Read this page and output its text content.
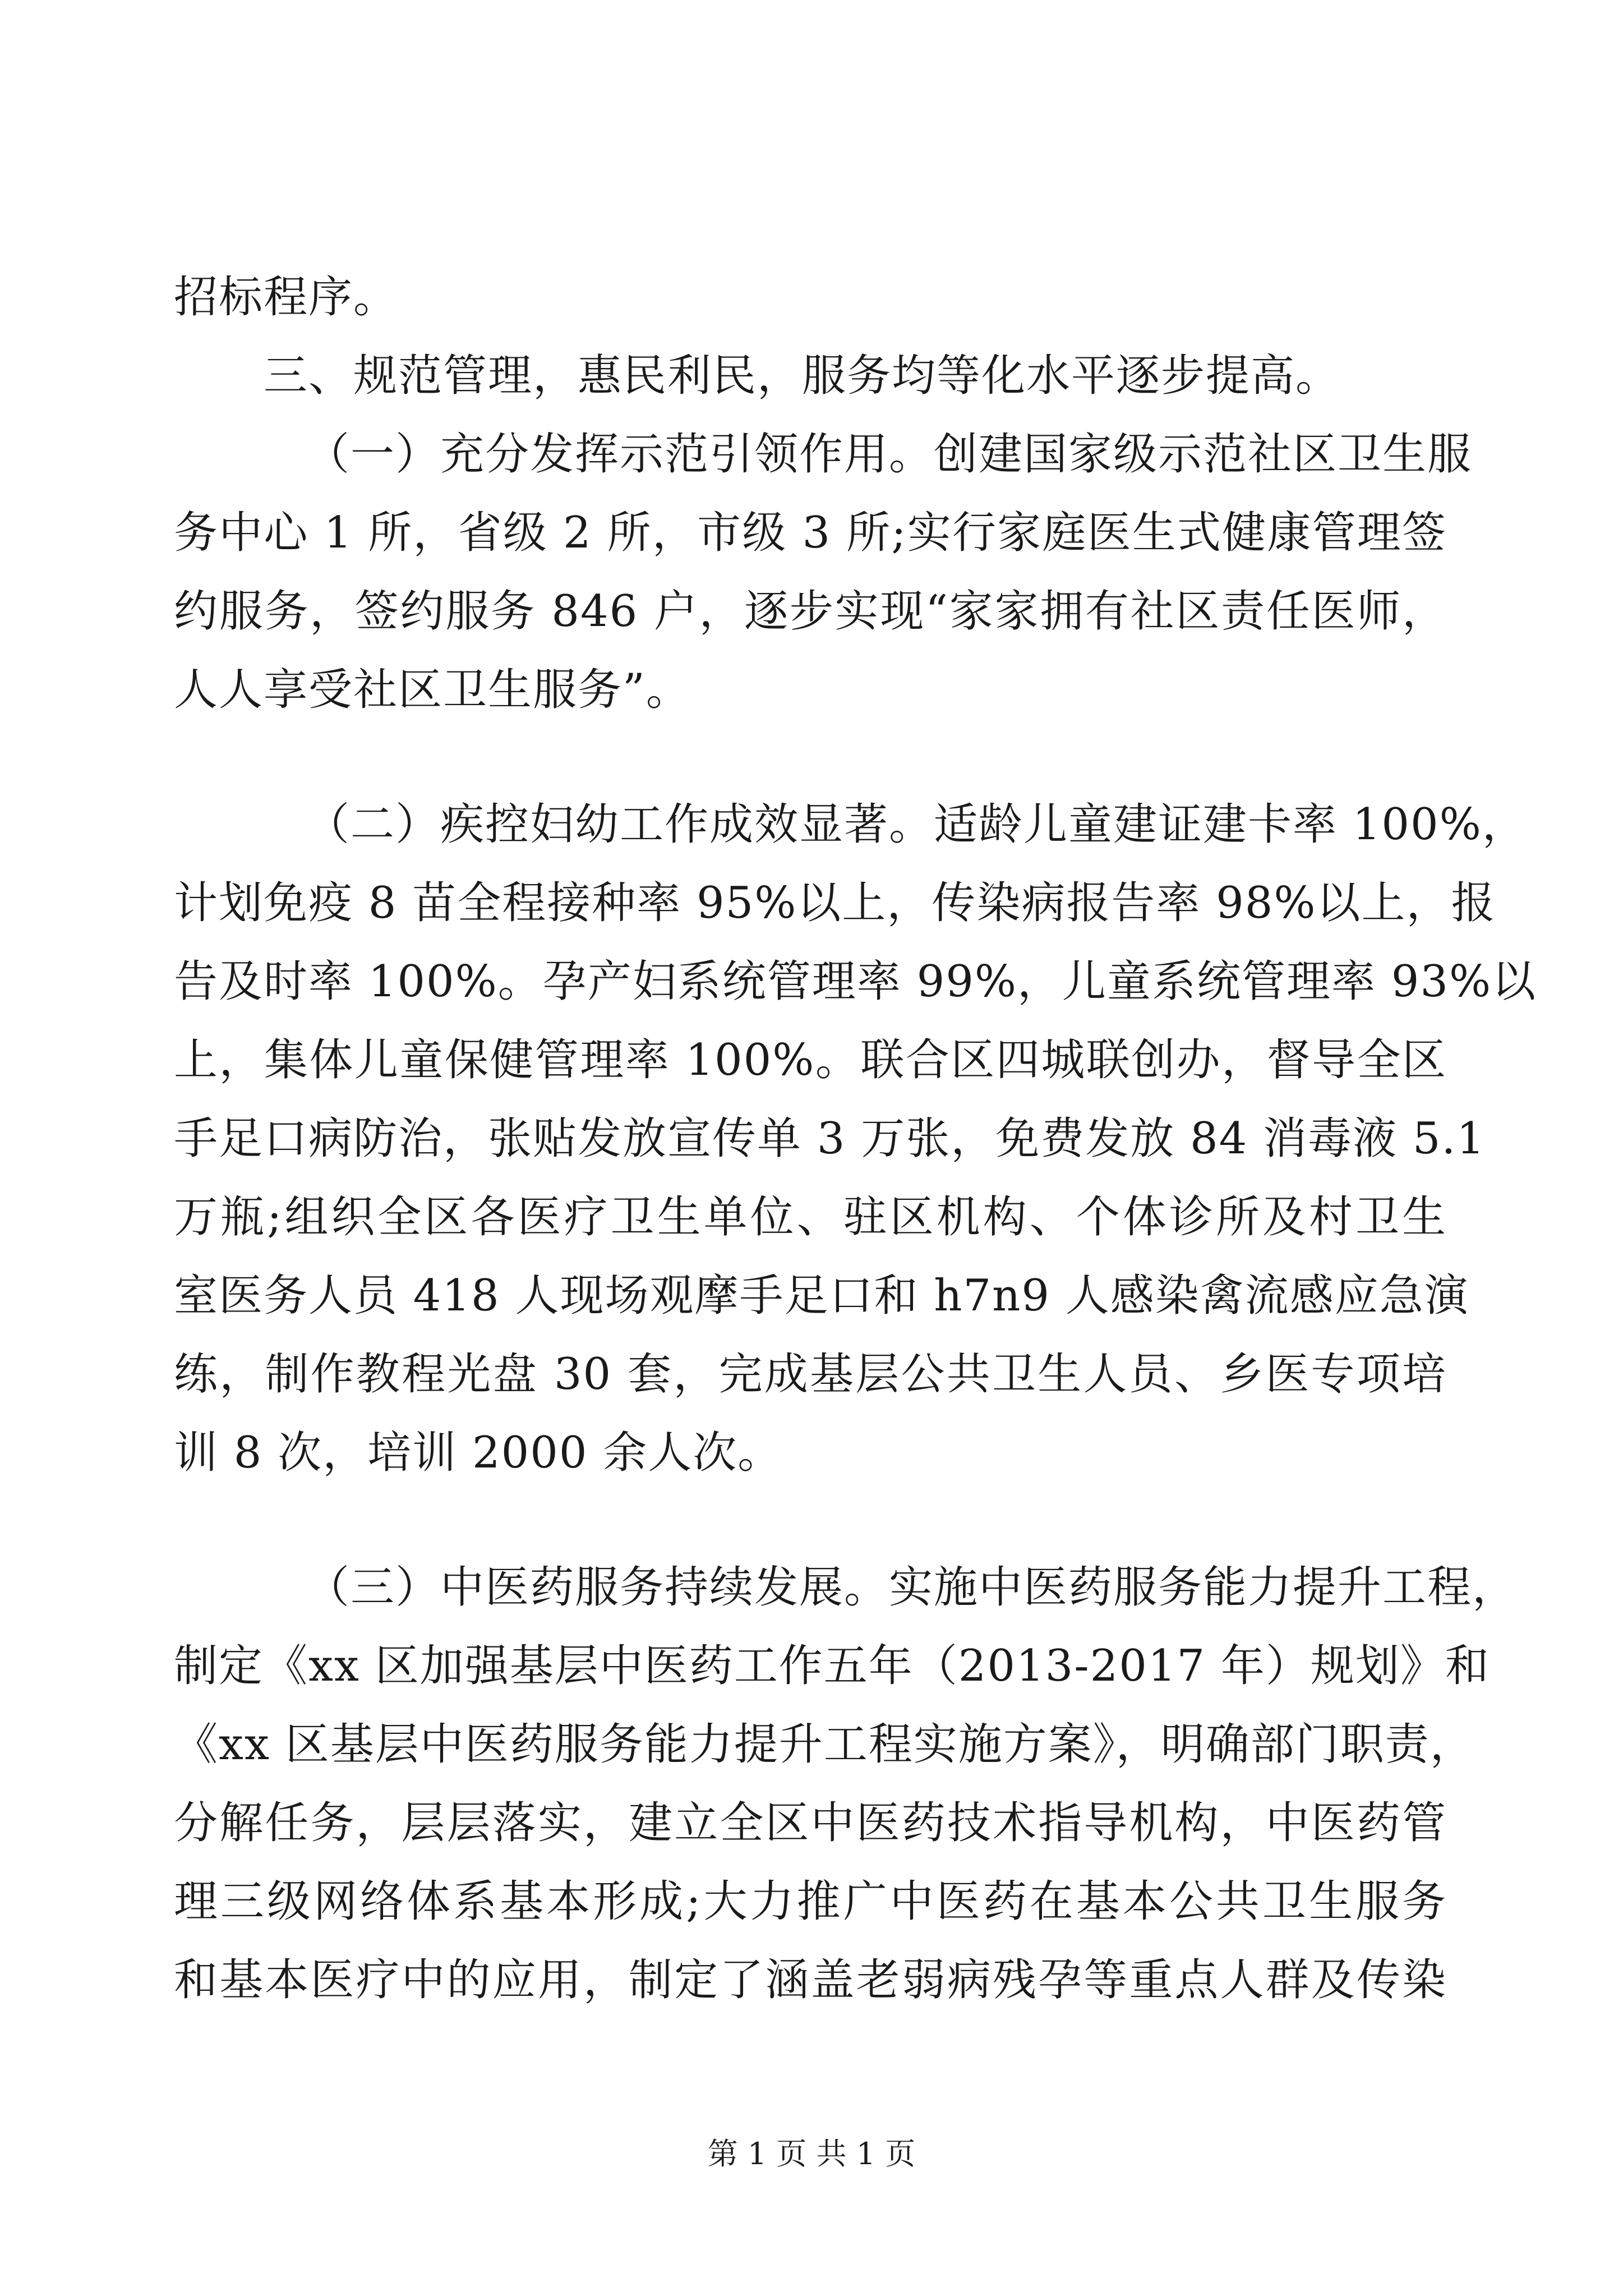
招标程序。
三、规范管理，惠民利民，服务均等化水平逐步提高。
（一）充分发挥示范引领作用。创建国家级示范社区卫生服
务中心 1 所，省级 2 所，市级 3 所;实行家庭医生式健康管理签
约服务，签约服务 846 户，逐步实现“家家拥有社区责任医师，
人人享受社区卫生服务”。
（二）疾控妇幼工作成效显著。适龄儿童建证建卡率 100%，
计划免疫 8 苗全程接种率 95%以上，传染病报告率 98%以上，报
告及时率 100%。孕产妇系统管理率 99%，儿童系统管理率 93%以
上，集体儿童保健管理率 100%。联合区四城联创办，督导全区
手足口病防治，张贴发放宣传单 3 万张，免费发放 84 消毒液 5.1
万瓶;组织全区各医疗卫生单位、驻区机构、个体诊所及村卫生
室医务人员 418 人现场观摩手足口和 h7n9 人感染禽流感应急演
练，制作教程光盘 30 套，完成基层公共卫生人员、乡医专项培
训 8 次，培训 2000 余人次。
（三）中医药服务持续发展。实施中医药服务能力提升工程，
制定《xx 区加强基层中医药工作五年（2013-2017 年）规划》和
《xx 区基层中医药服务能力提升工程实施方案》，明确部门职责，
分解任务，层层落实，建立全区中医药技术指导机构，中医药管
理三级网络体系基本形成;大力推广中医药在基本公共卫生服务
和基本医疗中的应用，制定了涵盖老弱病残孕等重点人群及传染
第 1 页 共 1 页
